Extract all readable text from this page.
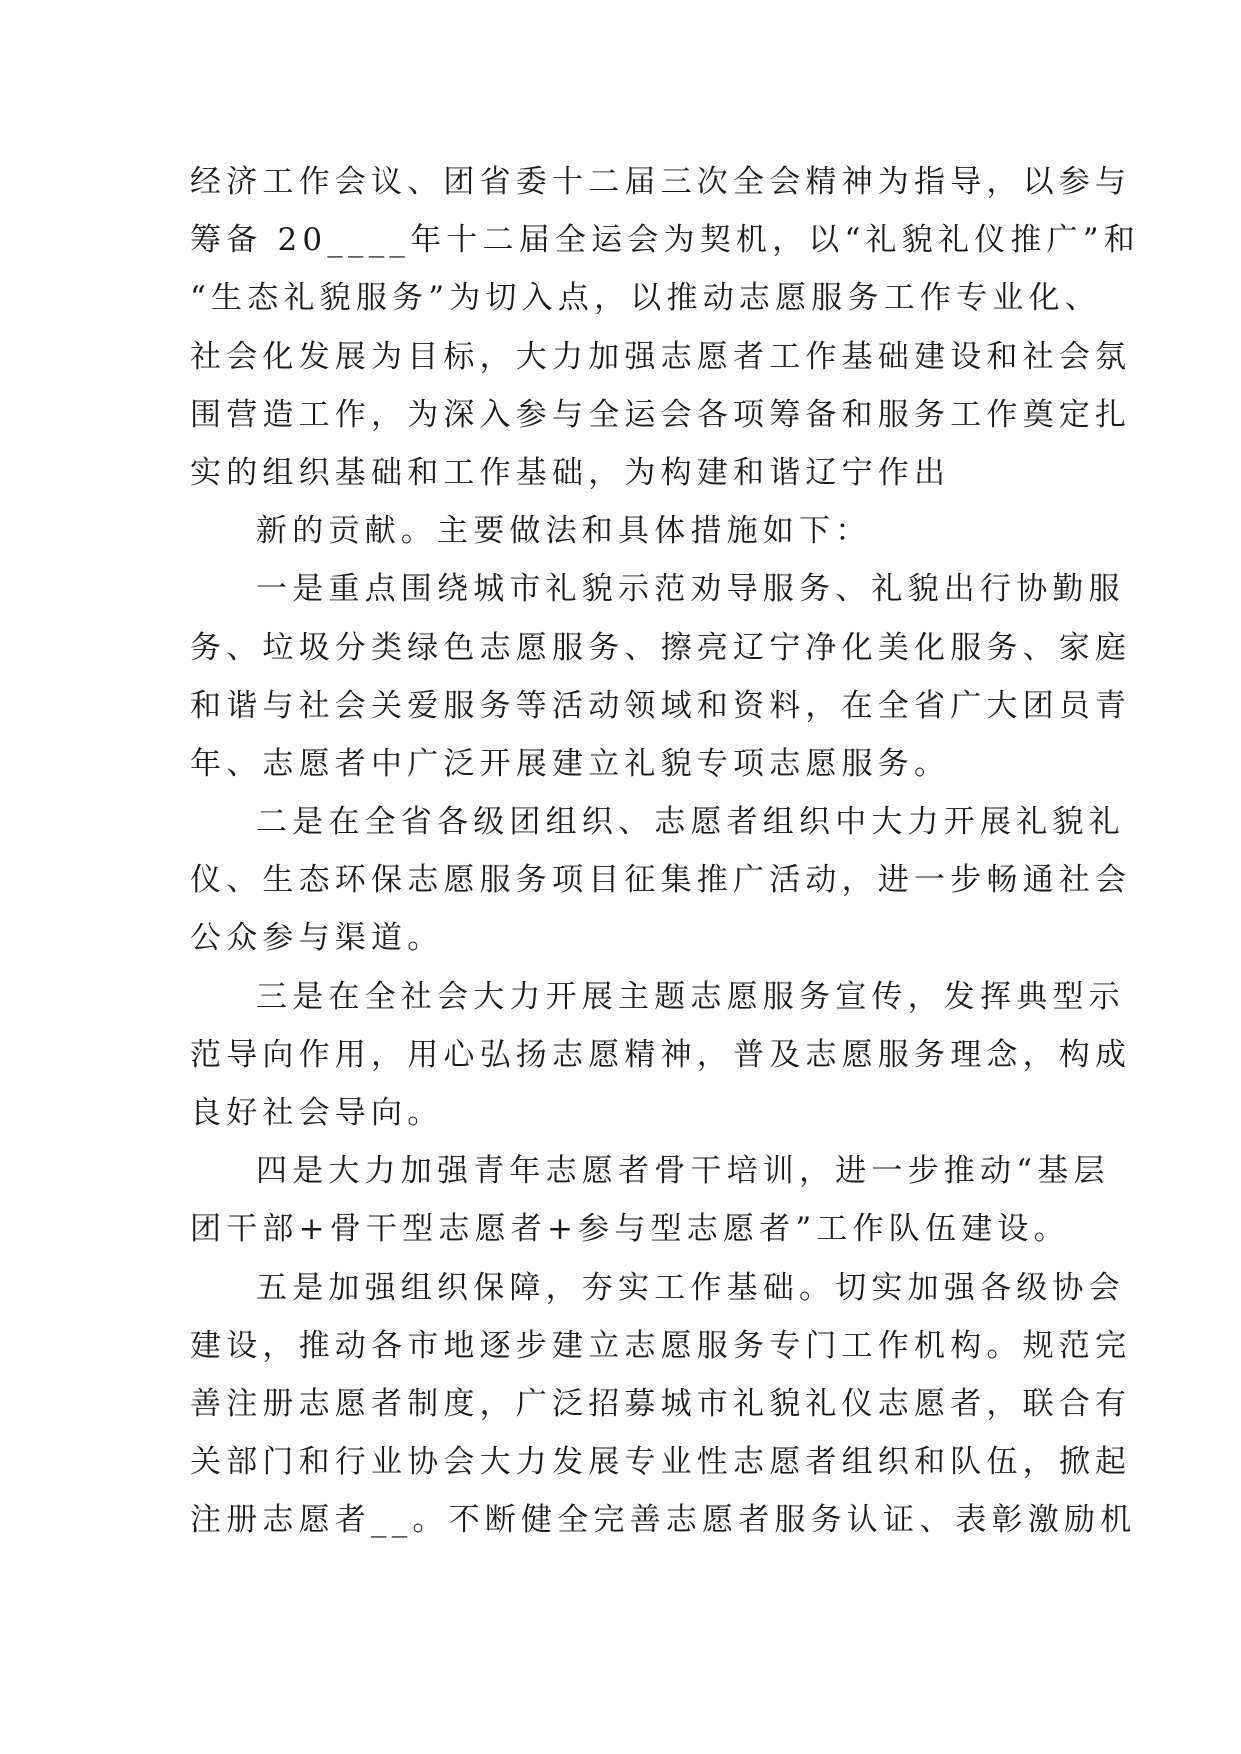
经济工作会议、团省委十二届三次全会精神为指导，以参与
筹备 20____年十二届全运会为契机，以“礼貌礼仪推广”和
“生态礼貌服务”为切入点，以推动志愿服务工作专业化、
社会化发展为目标，大力加强志愿者工作基础建设和社会氛
围营造工作，为深入参与全运会各项筹备和服务工作奠定扎
实的组织基础和工作基础，为构建和谐辽宁作出
新的贡献。主要做法和具体措施如下：
一是重点围绕城市礼貌示范劝导服务、礼貌出行协勤服
务、垃圾分类绿色志愿服务、擦亮辽宁净化美化服务、家庭
和谐与社会关爱服务等活动领域和资料，在全省广大团员青
年、志愿者中广泛开展建立礼貌专项志愿服务。
二是在全省各级团组织、志愿者组织中大力开展礼貌礼
仪、生态环保志愿服务项目征集推广活动，进一步畅通社会
公众参与渠道。
三是在全社会大力开展主题志愿服务宣传，发挥典型示
范导向作用，用心弘扬志愿精神，普及志愿服务理念，构成
良好社会导向。
四是大力加强青年志愿者骨干培训，进一步推动“基层
团干部+骨干型志愿者+参与型志愿者”工作队伍建设。
五是加强组织保障，夯实工作基础。切实加强各级协会
建设，推动各市地逐步建立志愿服务专门工作机构。规范完
善注册志愿者制度，广泛招募城市礼貌礼仪志愿者，联合有
关部门和行业协会大力发展专业性志愿者组织和队伍，掀起
注册志愿者__。不断健全完善志愿者服务认证、表彰激励机
